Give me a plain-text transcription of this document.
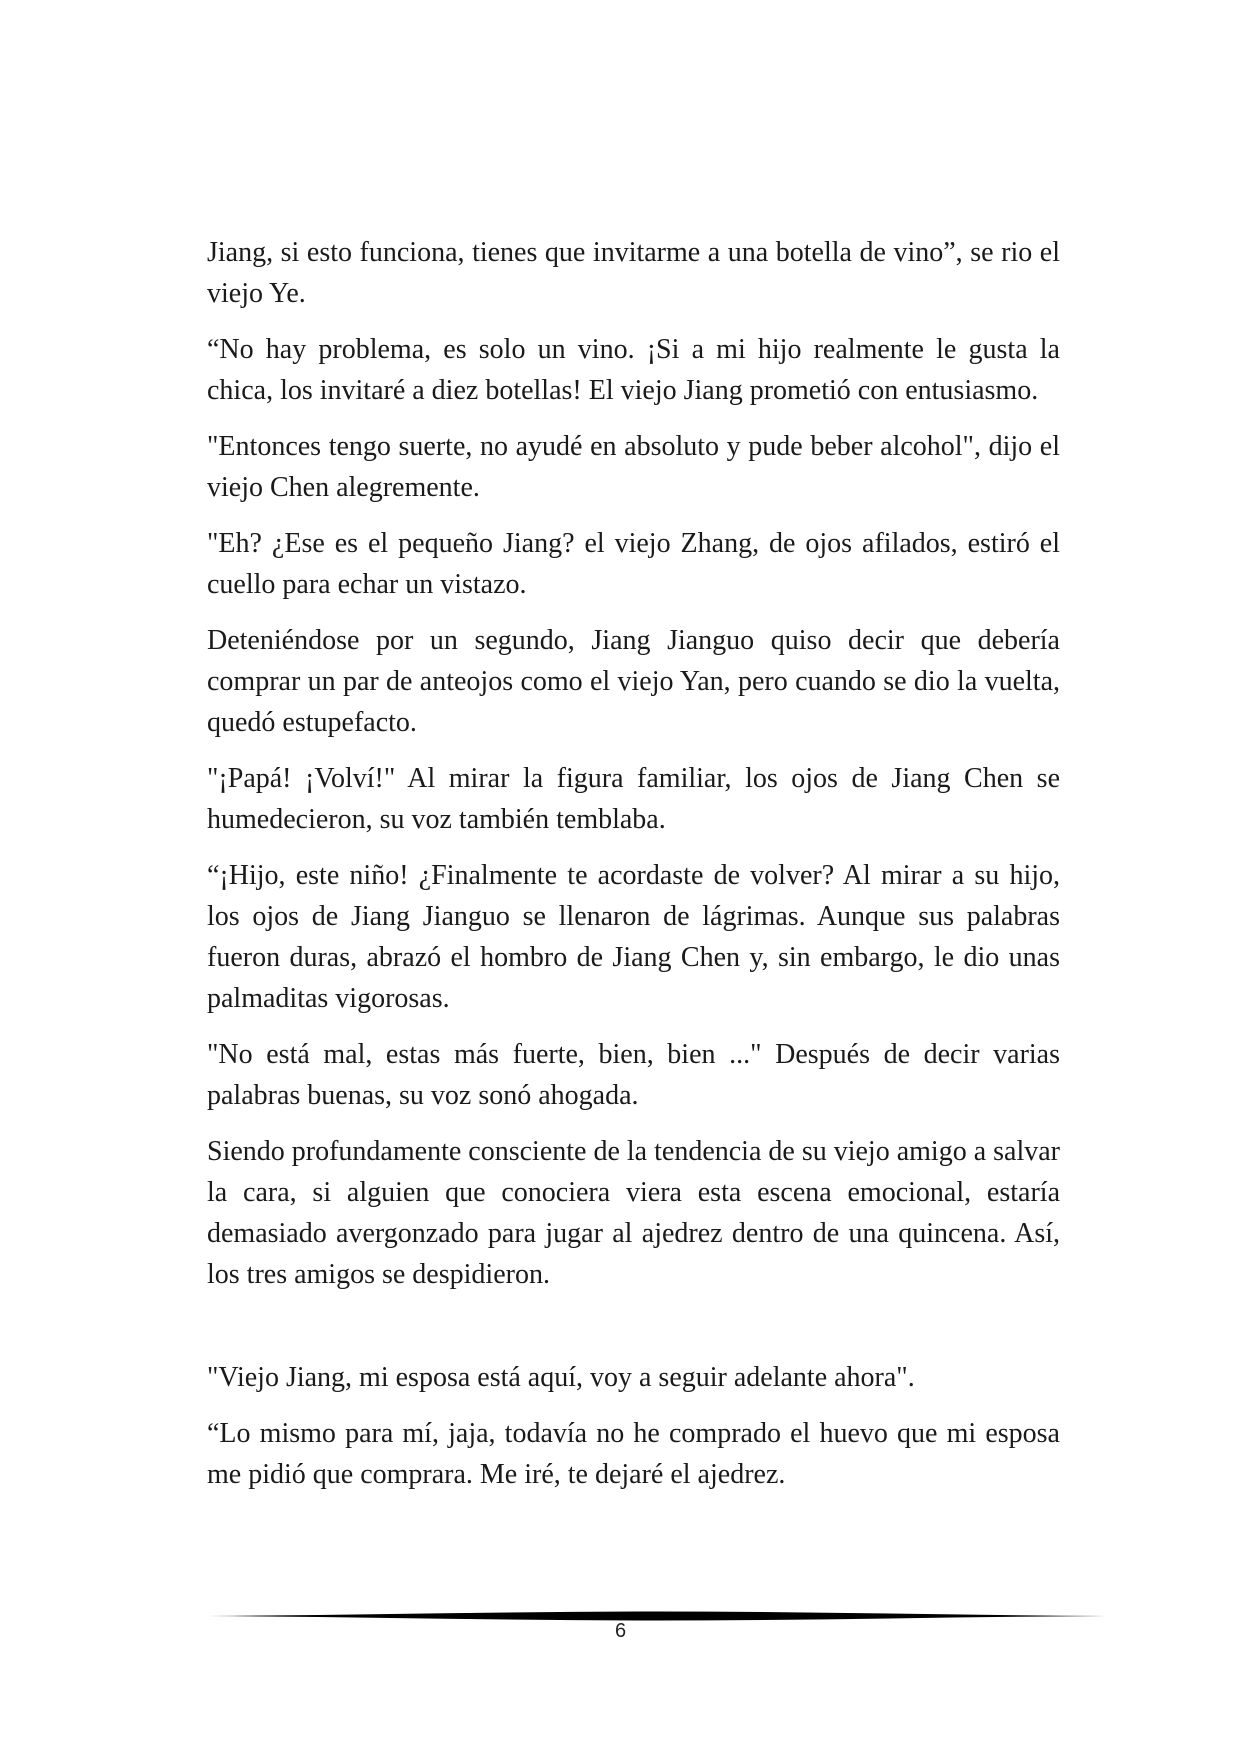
Jiang, si esto funciona, tienes que invitarme a una botella de vino”, se rio el viejo Ye.

“No hay problema, es solo un vino. ¡Si a mi hijo realmente le gusta la chica, los invitaré a diez botellas! El viejo Jiang prometió con entusiasmo.

"Entonces tengo suerte, no ayudé en absoluto y pude beber alcohol", dijo el viejo Chen alegremente.

"Eh? ¿Ese es el pequeño Jiang? el viejo Zhang, de ojos afilados, estiró el cuello para echar un vistazo.

Deteniéndose por un segundo, Jiang Jianguo quiso decir que debería comprar un par de anteojos como el viejo Yan, pero cuando se dio la vuelta, quedó estupefacto.

"¡Papá! ¡Volví!" Al mirar la figura familiar, los ojos de Jiang Chen se humedecieron, su voz también temblaba.

“¡Hijo, este niño! ¿Finalmente te acordaste de volver? Al mirar a su hijo, los ojos de Jiang Jianguo se llenaron de lágrimas. Aunque sus palabras fueron duras, abrazó el hombro de Jiang Chen y, sin embargo, le dio unas palmaditas vigorosas.

"No está mal, estas más fuerte, bien, bien ..." Después de decir varias palabras buenas, su voz sonó ahogada.

Siendo profundamente consciente de la tendencia de su viejo amigo a salvar la cara, si alguien que conociera viera esta escena emocional, estaría demasiado avergonzado para jugar al ajedrez dentro de una quincena. Así, los tres amigos se despidieron.

"Viejo Jiang, mi esposa está aquí, voy a seguir adelante ahora".

“Lo mismo para mí, jaja, todavía no he comprado el huevo que mi esposa me pidió que comprara. Me iré, te dejaré el ajedrez.

6
